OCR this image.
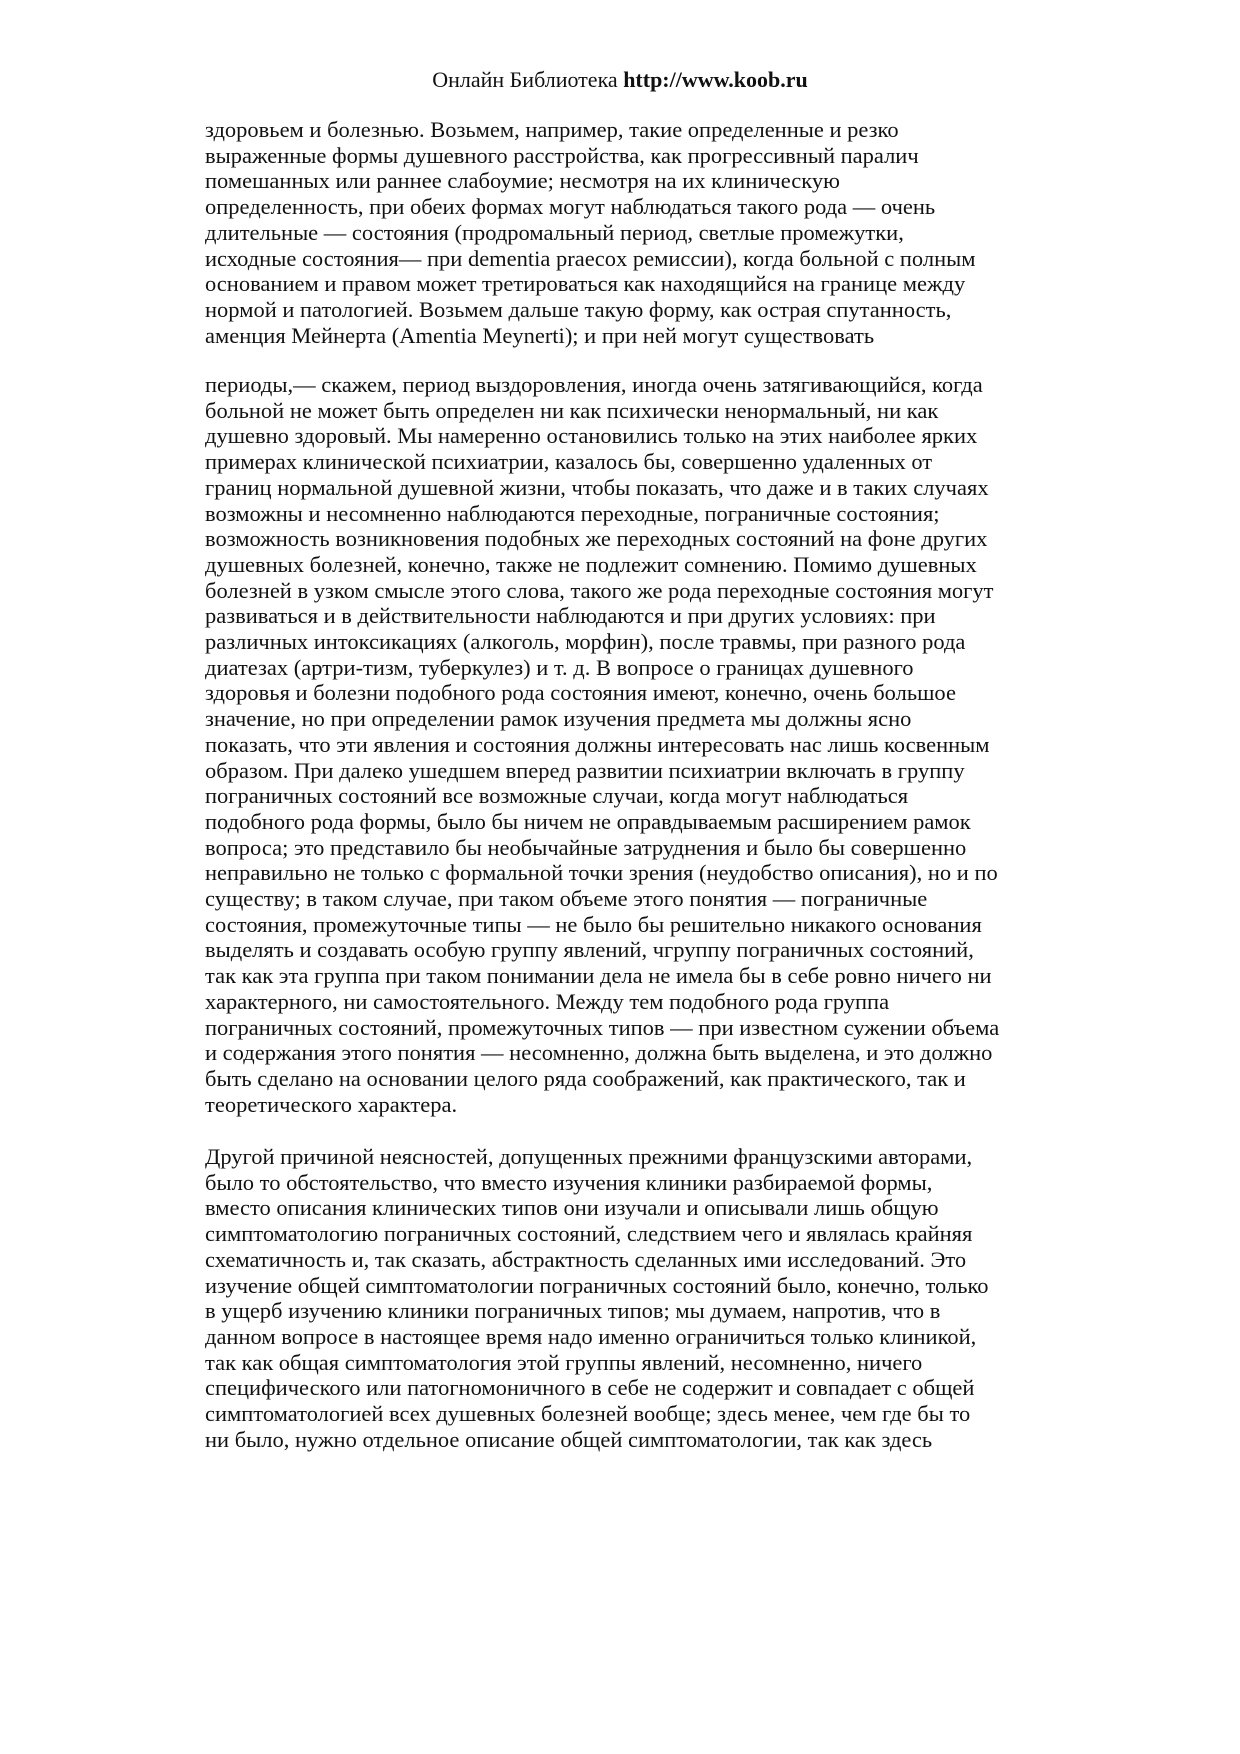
Онлайн Библиотека http://www.koob.ru
здоровьем и болезнью. Возьмем, например, такие определенные и резко
выраженные формы душевного расстройства, как прогрессивный паралич
помешанных или раннее слабоумие; несмотря на их клиническую
определенность, при обеих формах могут наблюдаться такого рода — очень
длительные — состояния (продромальный период, светлые промежутки,
исходные состояния— при dementia praecox ремиссии), когда больной с полным
основанием и правом может третироваться как находящийся на границе между
нормой и патологией. Возьмем дальше такую форму, как острая спутанность,
аменция Мейнерта (Amentia Meynerti); и при ней могут существовать
периоды,— скажем, период выздоровления, иногда очень затягивающийся, когда
больной не может быть определен ни как психически ненормальный, ни как
душевно здоровый. Мы намеренно остановились только на этих наиболее ярких
примерах клинической психиатрии, казалось бы, совершенно удаленных от
границ нормальной душевной жизни, чтобы показать, что даже и в таких случаях
возможны и несомненно наблюдаются переходные, пограничные состояния;
возможность возникновения подобных же переходных состояний на фоне других
душевных болезней, конечно, также не подлежит сомнению. Помимо душевных
болезней в узком смысле этого слова, такого же рода переходные состояния могут
развиваться и в действительности наблюдаются и при других условиях: при
различных интоксикациях (алкоголь, морфин), после травмы, при разного рода
диатезах (артри-тизм, туберкулез) и т. д. В вопросе о границах душевного
здоровья и болезни подобного рода состояния имеют, конечно, очень большое
значение, но при определении рамок изучения предмета мы должны ясно
показать, что эти явления и состояния должны интересовать нас лишь косвенным
образом. При далеко ушедшем вперед развитии психиатрии включать в группу
пограничных состояний все возможные случаи, когда могут наблюдаться
подобного рода формы, было бы ничем не оправдываемым расширением рамок
вопроса; это представило бы необычайные затруднения и было бы совершенно
неправильно не только с формальной точки зрения (неудобство описания), но и по
существу; в таком случае, при таком объеме этого понятия — пограничные
состояния, промежуточные типы — не было бы решительно никакого основания
выделять и создавать особую группу явлений, чгруппу пограничных состояний,
так как эта группа при таком понимании дела не имела бы в себе ровно ничего ни
характерного, ни самостоятельного. Между тем подобного рода группа
пограничных состояний, промежуточных типов — при известном сужении объема
и содержания этого понятия — несомненно, должна быть выделена, и это должно
быть сделано на основании целого ряда соображений, как практического, так и
теоретического характера.
Другой причиной неясностей, допущенных прежними французскими авторами,
было то обстоятельство, что вместо изучения клиники разбираемой формы,
вместо описания клинических типов они изучали и описывали лишь общую
симптоматологию пограничных состояний, следствием чего и являлась крайняя
схематичность и, так сказать, абстрактность сделанных ими исследований. Это
изучение общей симптоматологии пограничных состояний было, конечно, только
в ущерб изучению клиники пограничных типов; мы думаем, напротив, что в
данном вопросе в настоящее время надо именно ограничиться только клиникой,
так как общая симптоматология этой группы явлений, несомненно, ничего
специфического или патогномоничного в себе не содержит и совпадает с общей
симптоматологией всех душевных болезней вообще; здесь менее, чем где бы то
ни было, нужно отдельное описание общей симптоматологии, так как здесь
